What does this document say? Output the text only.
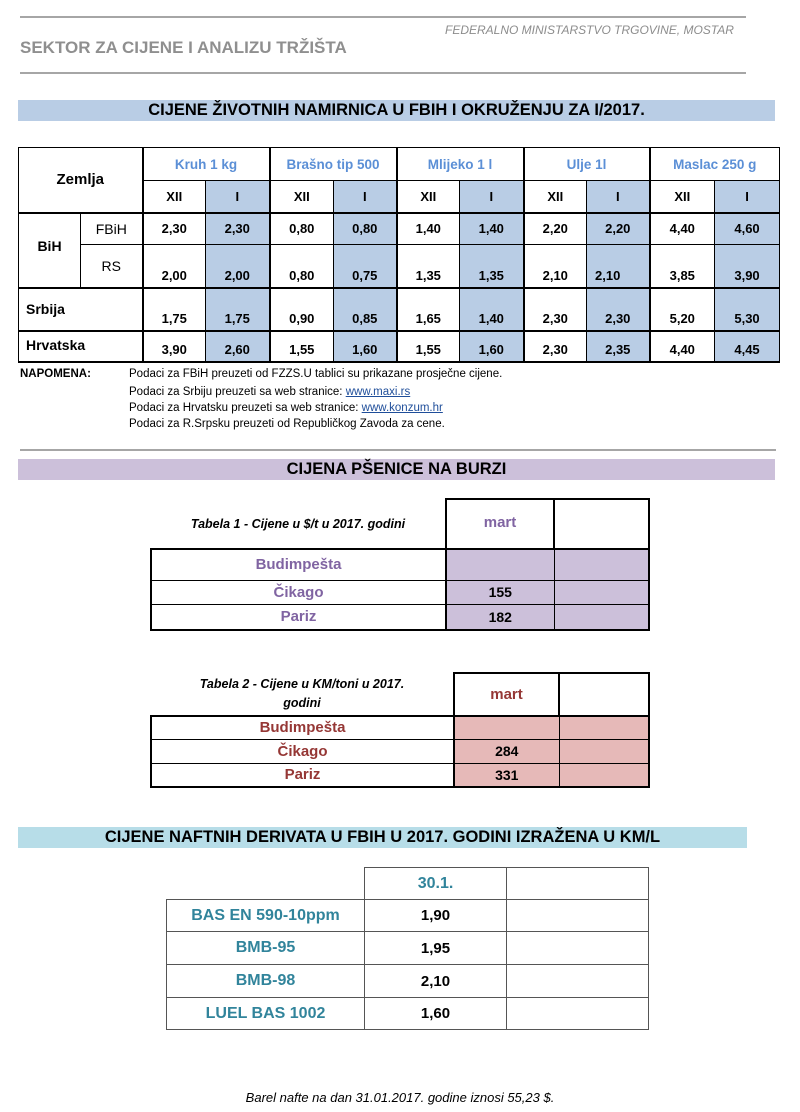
FEDERALNO MINISTARSTVO TRGOVINE, MOSTAR
SEKTOR ZA CIJENE I ANALIZU TRŽIŠTA
CIJENE ŽIVOTNIH NAMIRNICA U FBIH I OKRUŽENJU ZA I/2017.
Zemlja		Kruh 1 kg		Brašno tip 500		Mlijeko 1 l		Ulje 1l		Maslac 250 g	
		XII	I	XII	I	XII	I	XII	I	XII	I
BiH	FBiH	2,30	2,30	0,80	0,80	1,40	1,40	2,20	2,20	4,40	4,60
	RS	2,00	2,00	0,80	0,75	1,35	1,35	2,10	2,10	3,85	3,90
Srbija		1,75	1,75	0,90	0,85	1,65	1,40	2,30	2,30	5,20	5,30
Hrvatska		3,90	2,60	1,55	1,60	1,55	1,60	2,30	2,35	4,40	4,45
NAPOMENA:	Podaci za FBiH preuzeti od FZZS.U tablici su prikazane prosječne cijene.
Podaci za Srbiju preuzeti sa web stranice: www.maxi.rs
Podaci za Hrvatsku preuzeti sa web stranice: www.konzum.hr
Podaci za R.Srpsku preuzeti od Republičkog Zavoda za cene.
CIJENA PŠENICE NA BURZI
Tabela 1 - Cijene u $/t u 2017. godini	mart	
Budimpešta		
Čikago	155	
Pariz	182	
Tabela 2 - Cijene u KM/toni u 2017.
godini	mart	
Budimpešta		
Čikago	284	
Pariz	331	
CIJENE NAFTNIH DERIVATA U FBIH U 2017. GODINI IZRAŽENA U KM/L
	30.1.	
BAS EN 590-10ppm	1,90	
BMB-95	1,95	
BMB-98	2,10	
LUEL BAS 1002	1,60	
Barel nafte na dan 31.01.2017. godine iznosi 55,23 $.
